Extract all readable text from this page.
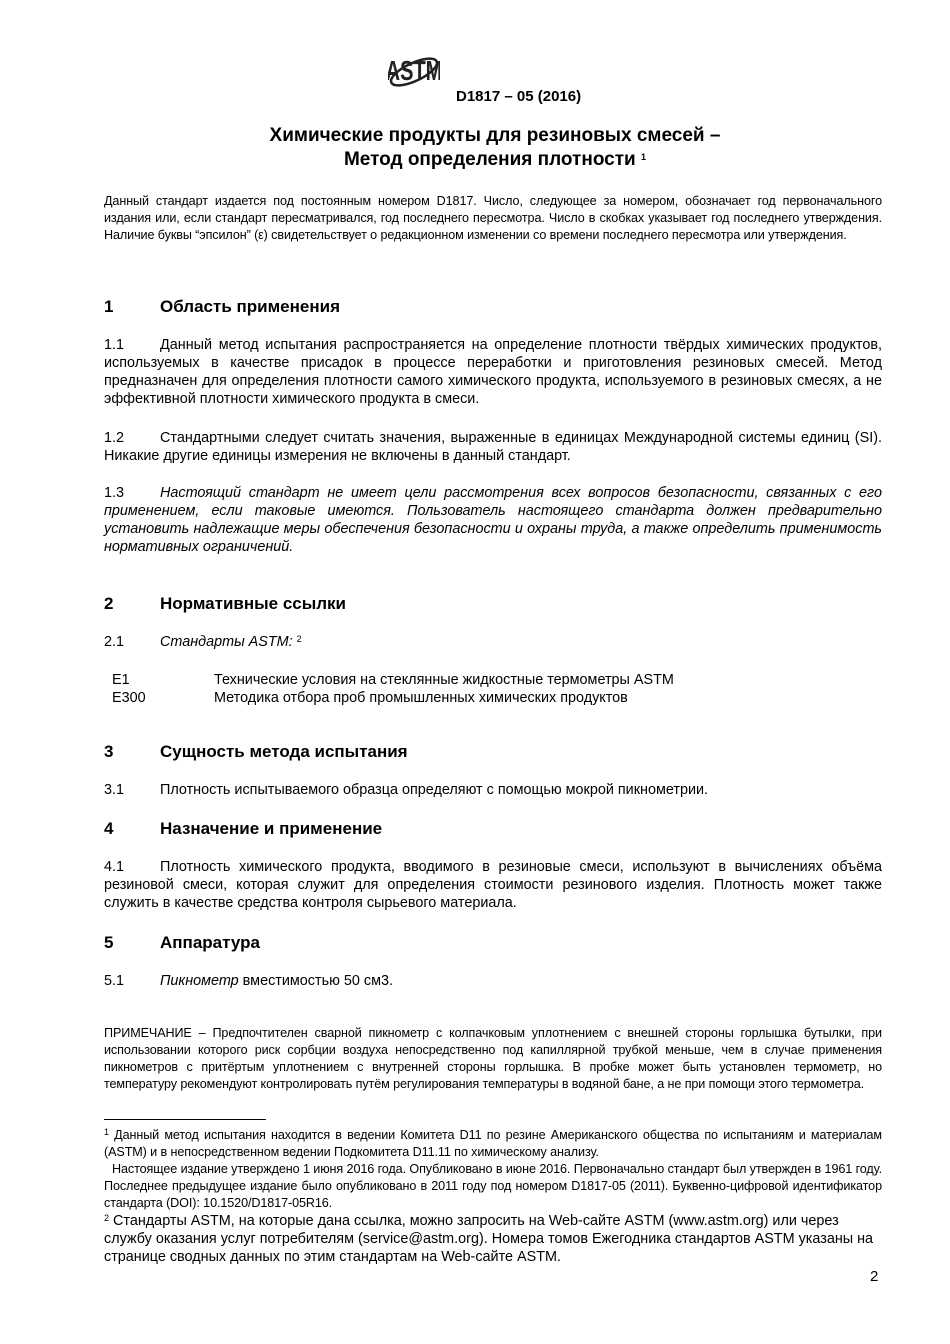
ASTM
D1817 – 05 (2016)
Химические продукты для резиновых смесей –
Метод определения плотности $^1$
Данный стандарт издается под постоянным номером D1817. Число, следующее за номером, обозначает год первоначального издания или, если стандарт пересматривался, год последнего пересмотра. Число в скобках указывает год последнего утверждения. Наличие буквы “эпсилон” (ε) свидетельствует о редакционном изменении со времени последнего пересмотра или утверждения.
1	Область применения
1.1 Данный метод испытания распространяется на определение плотности твёрдых химических продуктов, используемых в качестве присадок в процессе переработки и приготовления резиновых смесей. Метод предназначен для определения плотности самого химического продукта, используемого в резиновых смесях, а не эффективной плотности химического продукта в смеси.
1.2 Стандартными следует считать значения, выраженные в единицах Международной системы единиц (SI). Никакие другие единицы измерения не включены в данный стандарт.
1.3 Настоящий стандарт не имеет цели рассмотрения всех вопросов безопасности, связанных с его применением, если таковые имеются. Пользователь настоящего стандарта должен предварительно установить надлежащие меры обеспечения безопасности и охраны труда, а также определить применимость нормативных ограничений.
2	Нормативные ссылки
2.1 Стандарты ASTM: $^2$
E1	Технические условия на стеклянные жидкостные термометры ASTM
E300	Методика отбора проб промышленных химических продуктов
3	Сущность метода испытания
3.1 Плотность испытываемого образца определяют с помощью мокрой пикнометрии.
4	Назначение и применение
4.1 Плотность химического продукта, вводимого в резиновые смеси, используют в вычислениях объёма резиновой смеси, которая служит для определения стоимости резинового изделия. Плотность может также служить в качестве средства контроля сырьевого материала.
5	Аппаратура
5.1 Пикнометр вместимостью 50 см3.
ПРИМЕЧАНИЕ – Предпочтителен сварной пикнометр с колпачковым уплотнением с внешней стороны горлышка бутылки, при использовании которого риск сорбции воздуха непосредственно под капиллярной трубкой меньше, чем в случае применения пикнометров с притёртым уплотнением с внутренней стороны горлышка. В пробке может быть установлен термометр, но температуру рекомендуют контролировать путём регулирования температуры в водяной бане, а не при помощи этого термометра.
$^1$ Данный метод испытания находится в ведении Комитета D11 по резине Американского общества по испытаниям и материалам (ASTM) и в непосредственном ведении Подкомитета D11.11 по химическому анализу.
Настоящее издание утверждено 1 июня 2016 года. Опубликовано в июне 2016. Первоначально стандарт был утвержден в 1961 году. Последнее предыдущее издание было опубликовано в 2011 году под номером D1817-05 (2011). Буквенно-цифровой идентификатор стандарта (DOI): 10.1520/D1817-05R16.
$^2$ Стандарты ASTM, на которые дана ссылка, можно запросить на Web-сайте ASTM (www.astm.org) или через службу оказания услуг потребителям (service@astm.org). Номера томов Ежегодника стандартов ASTM указаны на странице сводных данных по этим стандартам на Web-сайте ASTM.
2
